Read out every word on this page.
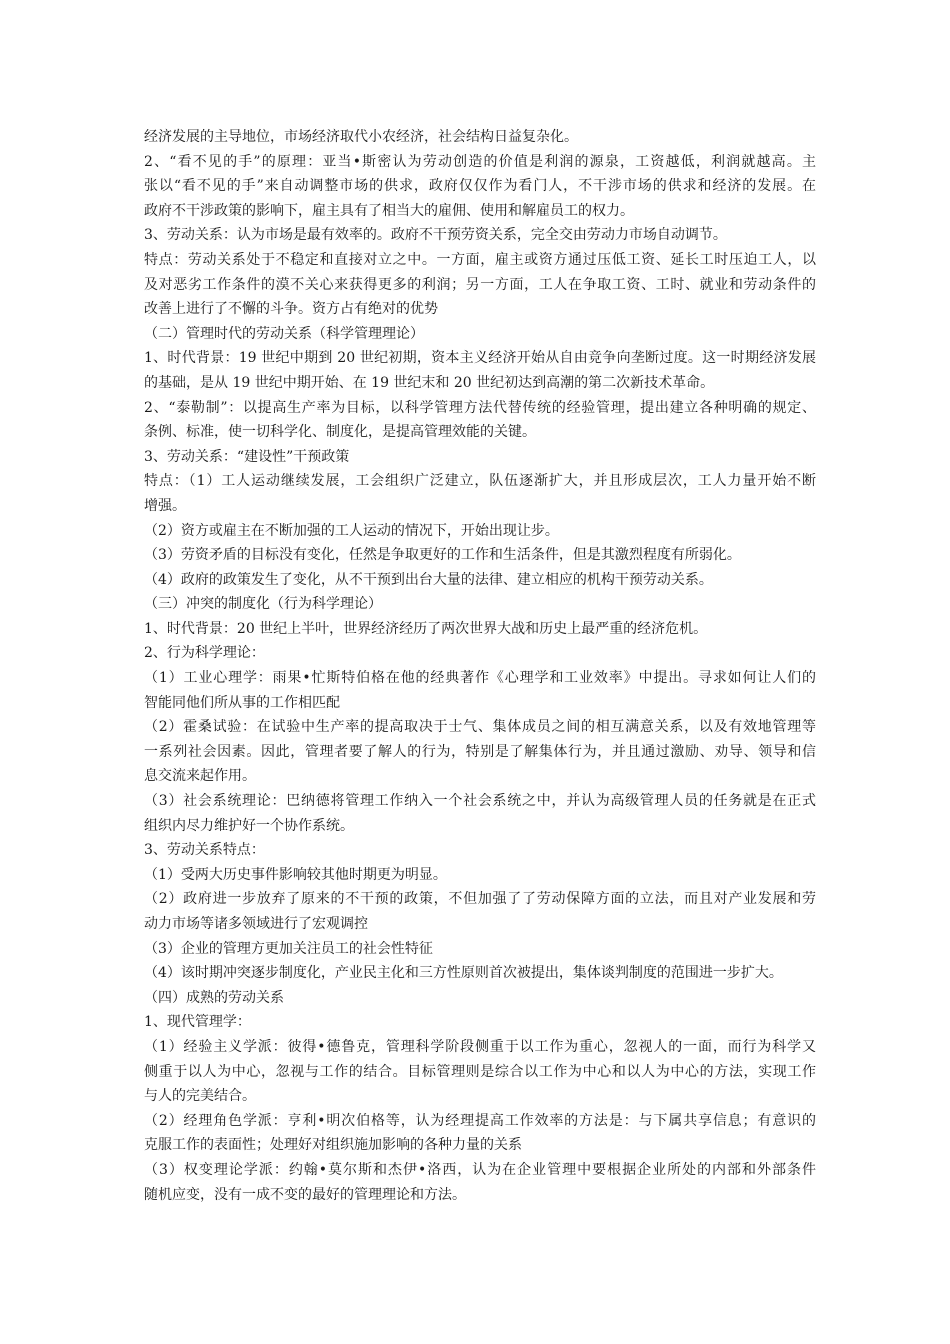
经济发展的主导地位，市场经济取代小农经济，社会结构日益复杂化。
2、“看不见的手”的原理：亚当•斯密认为劳动创造的价值是利润的源泉，工资越低，利润就越高。主
张以“看不见的手”来自动调整市场的供求，政府仅仅作为看门人，不干涉市场的供求和经济的发展。在
政府不干涉政策的影响下，雇主具有了相当大的雇佣、使用和解雇员工的权力。
3、劳动关系：认为市场是最有效率的。政府不干预劳资关系，完全交由劳动力市场自动调节。
特点：劳动关系处于不稳定和直接对立之中。一方面，雇主或资方通过压低工资、延长工时压迫工人，以
及对恶劣工作条件的漠不关心来获得更多的利润；另一方面，工人在争取工资、工时、就业和劳动条件的
改善上进行了不懈的斗争。资方占有绝对的优势
（二）管理时代的劳动关系（科学管理理论）
1、时代背景：19 世纪中期到 20 世纪初期，资本主义经济开始从自由竞争向垄断过度。这一时期经济发展
的基础，是从 19 世纪中期开始、在 19 世纪末和 20 世纪初达到高潮的第二次新技术革命。
2、“泰勒制”：以提高生产率为目标，以科学管理方法代替传统的经验管理，提出建立各种明确的规定、
条例、标准，使一切科学化、制度化，是提高管理效能的关键。
3、劳动关系：“建设性”干预政策
特点：（1）工人运动继续发展，工会组织广泛建立，队伍逐渐扩大，并且形成层次，工人力量开始不断
增强。
（2）资方或雇主在不断加强的工人运动的情况下，开始出现让步。
（3）劳资矛盾的目标没有变化，任然是争取更好的工作和生活条件，但是其激烈程度有所弱化。
（4）政府的政策发生了变化，从不干预到出台大量的法律、建立相应的机构干预劳动关系。
（三）冲突的制度化（行为科学理论）
1、时代背景：20 世纪上半叶，世界经济经历了两次世界大战和历史上最严重的经济危机。
2、行为科学理论：
（1）工业心理学：雨果•忙斯特伯格在他的经典著作《心理学和工业效率》中提出。寻求如何让人们的
智能同他们所从事的工作相匹配
（2）霍桑试验：在试验中生产率的提高取决于士气、集体成员之间的相互满意关系，以及有效地管理等
一系列社会因素。因此，管理者要了解人的行为，特别是了解集体行为，并且通过激励、劝导、领导和信
息交流来起作用。
（3）社会系统理论：巴纳德将管理工作纳入一个社会系统之中，并认为高级管理人员的任务就是在正式
组织内尽力维护好一个协作系统。
3、劳动关系特点：
（1）受两大历史事件影响较其他时期更为明显。
（2）政府进一步放弃了原来的不干预的政策，不但加强了了劳动保障方面的立法，而且对产业发展和劳
动力市场等诸多领域进行了宏观调控
（3）企业的管理方更加关注员工的社会性特征
（4）该时期冲突逐步制度化，产业民主化和三方性原则首次被提出，集体谈判制度的范围进一步扩大。
（四）成熟的劳动关系
1、现代管理学：
（1）经验主义学派：彼得•德鲁克，管理科学阶段侧重于以工作为重心，忽视人的一面，而行为科学又
侧重于以人为中心，忽视与工作的结合。目标管理则是综合以工作为中心和以人为中心的方法，实现工作
与人的完美结合。
（2）经理角色学派：亨利•明次伯格等，认为经理提高工作效率的方法是：与下属共享信息；有意识的
克服工作的表面性；处理好对组织施加影响的各种力量的关系
（3）权变理论学派：约翰•莫尔斯和杰伊•洛西，认为在企业管理中要根据企业所处的内部和外部条件
随机应变，没有一成不变的最好的管理理论和方法。
